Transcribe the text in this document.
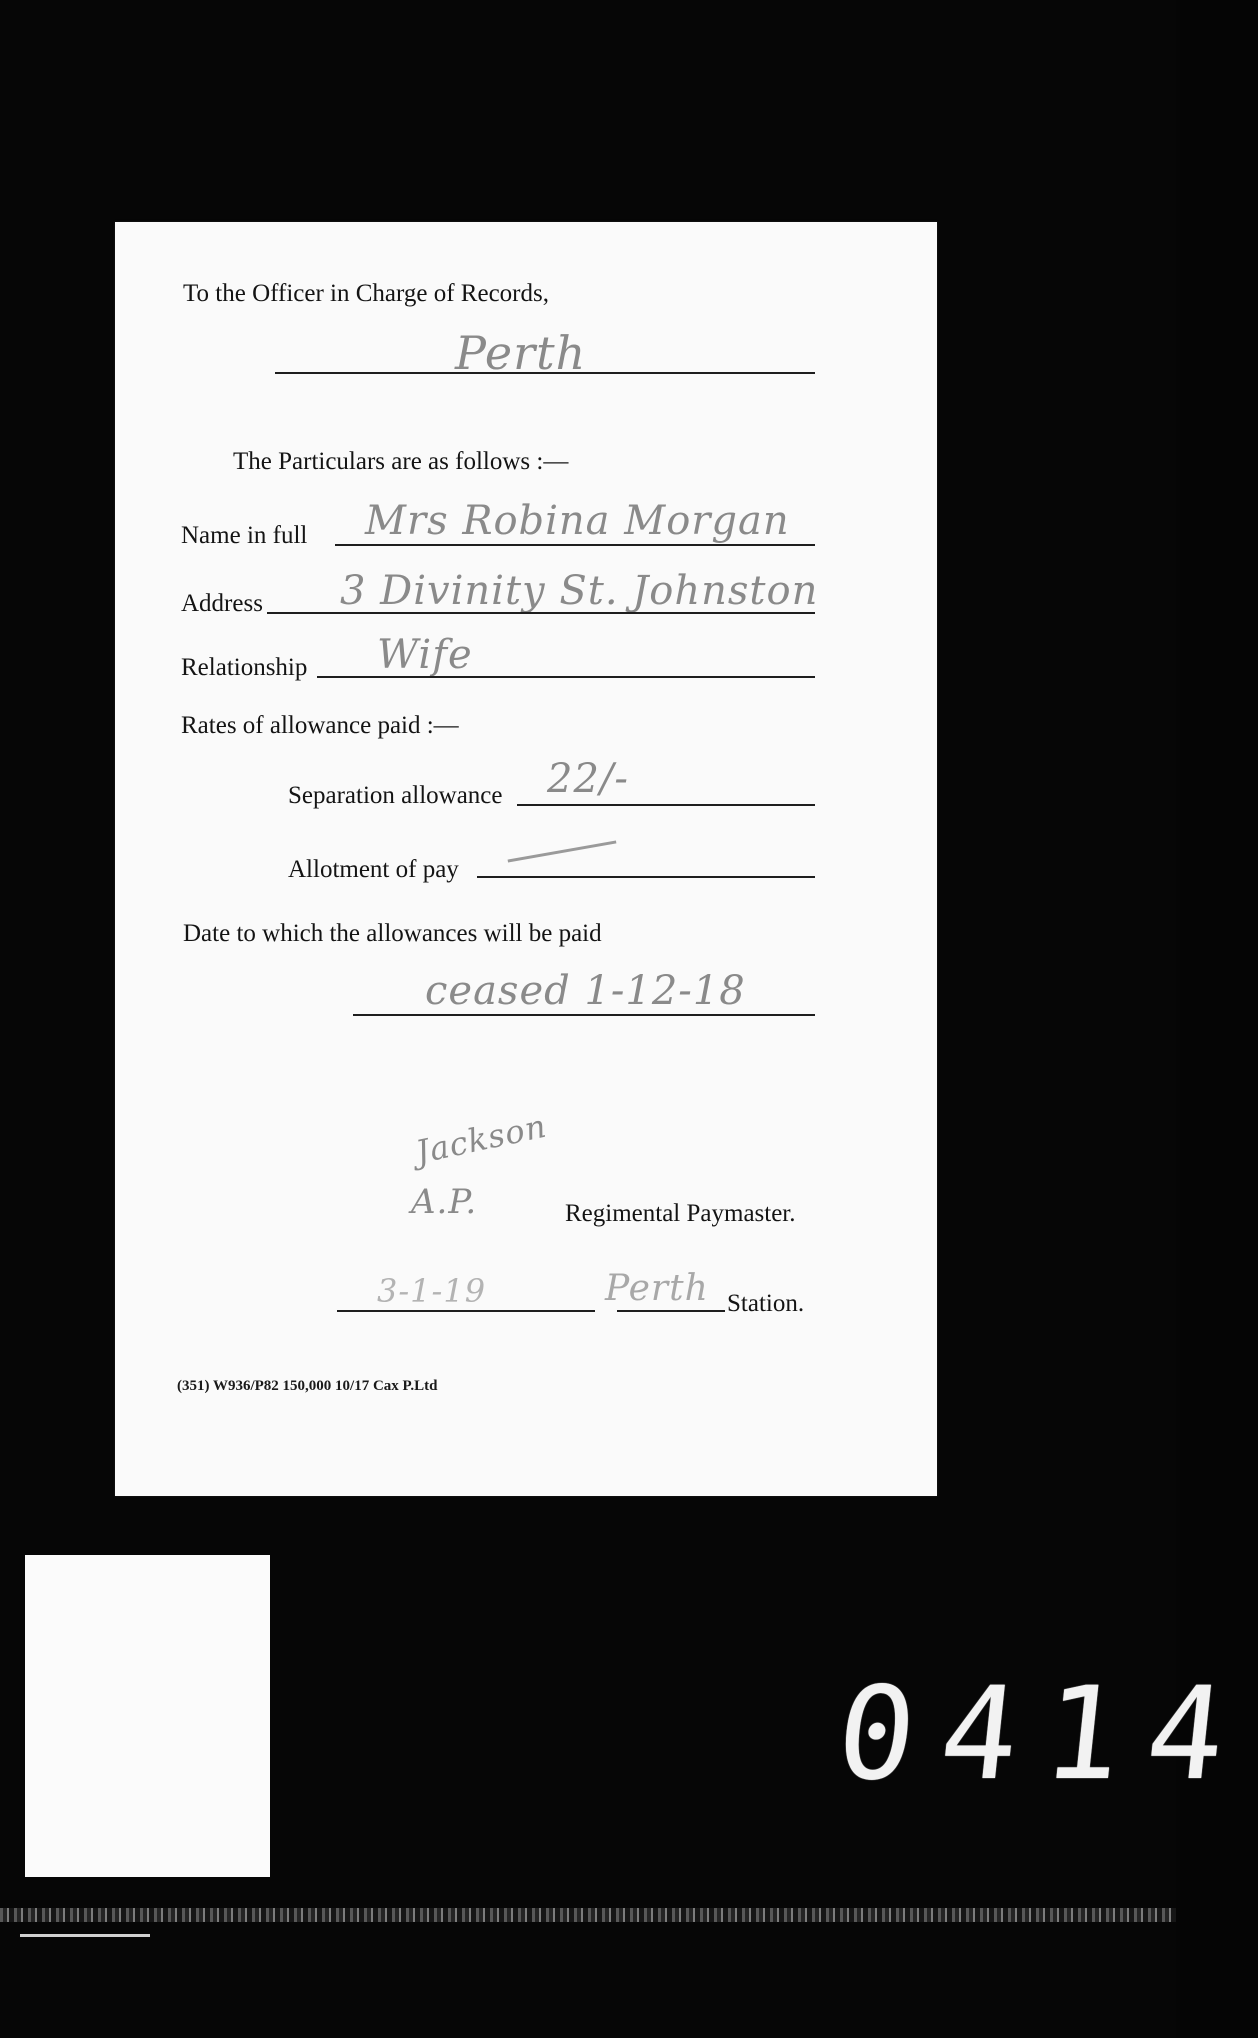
To the Officer in Charge of Records,
Perth
The Particulars are as follows :—
Name in full Mrs Robina Morgan
Address 3 Divinity St. Johnston
Relationship Wife
Rates of allowance paid :—
Separation allowance 22/-
Allotment of pay
Date to which the allowances will be paid
ceased 1-12-18
Jackson
A.P.	Regimental Paymaster.
3-1-19	Perth Station.
(351) W936/P82 150,000 10/17 Cax P.Ltd
0414
